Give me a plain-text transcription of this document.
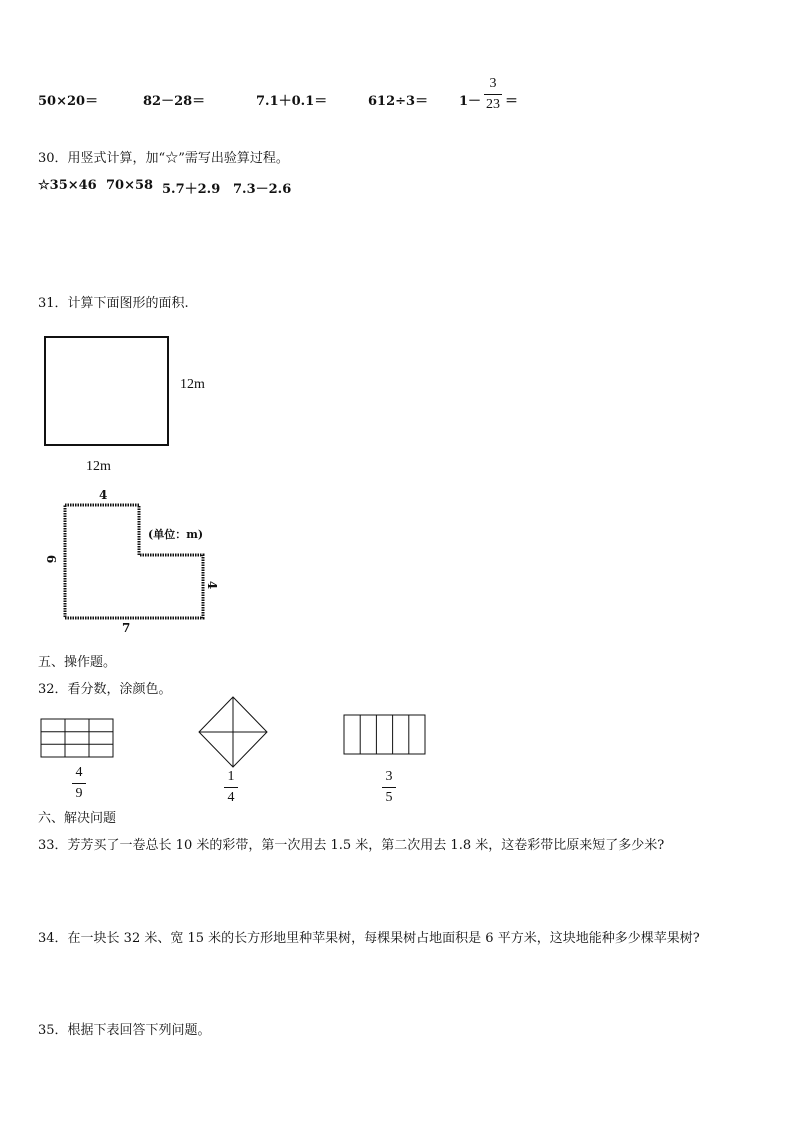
50×20＝	82－28＝	7.1＋0.1＝	612÷3＝ 1－
3
23 ＝
30．用竖式计算，加“☆”需写出验算过程。
☆35×46 70×58 5.7＋2.9 7.3－2.6
31．计算下面图形的面积.
12m
12m
4
6
4
7
(单位：m)
五、操作题。
32．看分数，涂颜色。
4
9
1
4
3
5
六、解决问题
33．芳芳买了一卷总长 10 米的彩带，第一次用去 1.5 米，第二次用去 1.8 米，这卷彩带比原来短了多少米?
34．在一块长 32 米、宽 15 米的长方形地里种苹果树，每棵果树占地面积是 6 平方米，这块地能种多少棵苹果树?
35．根据下表回答下列问题。
